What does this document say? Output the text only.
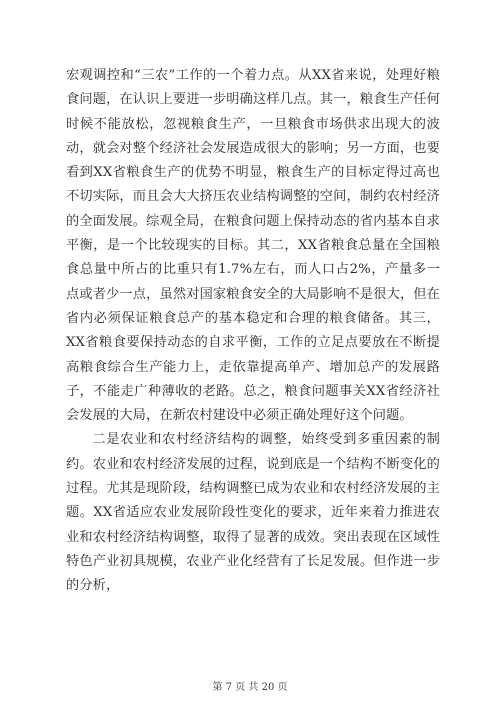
宏观调控和“三农”工作的一个着力点。从XX省来说，处理好粮食问题，在认识上要进一步明确这样几点。其一，粮食生产任何时候不能放松，忽视粮食生产，一旦粮食市场供求出现大的波动，就会对整个经济社会发展造成很大的影响；另一方面，也要看到XX省粮食生产的优势不明显，粮食生产的目标定得过高也不切实际，而且会大大挤压农业结构调整的空间，制约农村经济的全面发展。综观全局，在粮食问题上保持动态的省内基本自求平衡，是一个比较现实的目标。其二，XX省粮食总量在全国粮食总量中所占的比重只有1.7%左右，而人口占2%，产量多一点或者少一点，虽然对国家粮食安全的大局影响不是很大，但在省内必须保证粮食总产的基本稳定和合理的粮食储备。其三，XX省粮食要保持动态的自求平衡，工作的立足点要放在不断提高粮食综合生产能力上，走依靠提高单产、增加总产的发展路子，不能走广种薄收的老路。总之，粮食问题事关XX省经济社会发展的大局，在新农村建设中必须正确处理好这个问题。

二是农业和农村经济结构的调整，始终受到多重因素的制约。农业和农村经济发展的过程，说到底是一个结构不断变化的过程。尤其是现阶段，结构调整已成为农业和农村经济发展的主题。XX省适应农业发展阶段性变化的要求，近年来着力推进农业和农村经济结构调整，取得了显著的成效。突出表现在区域性特色产业初具规模，农业产业化经营有了长足发展。但作进一步的分析，

第 7 页 共 20 页
